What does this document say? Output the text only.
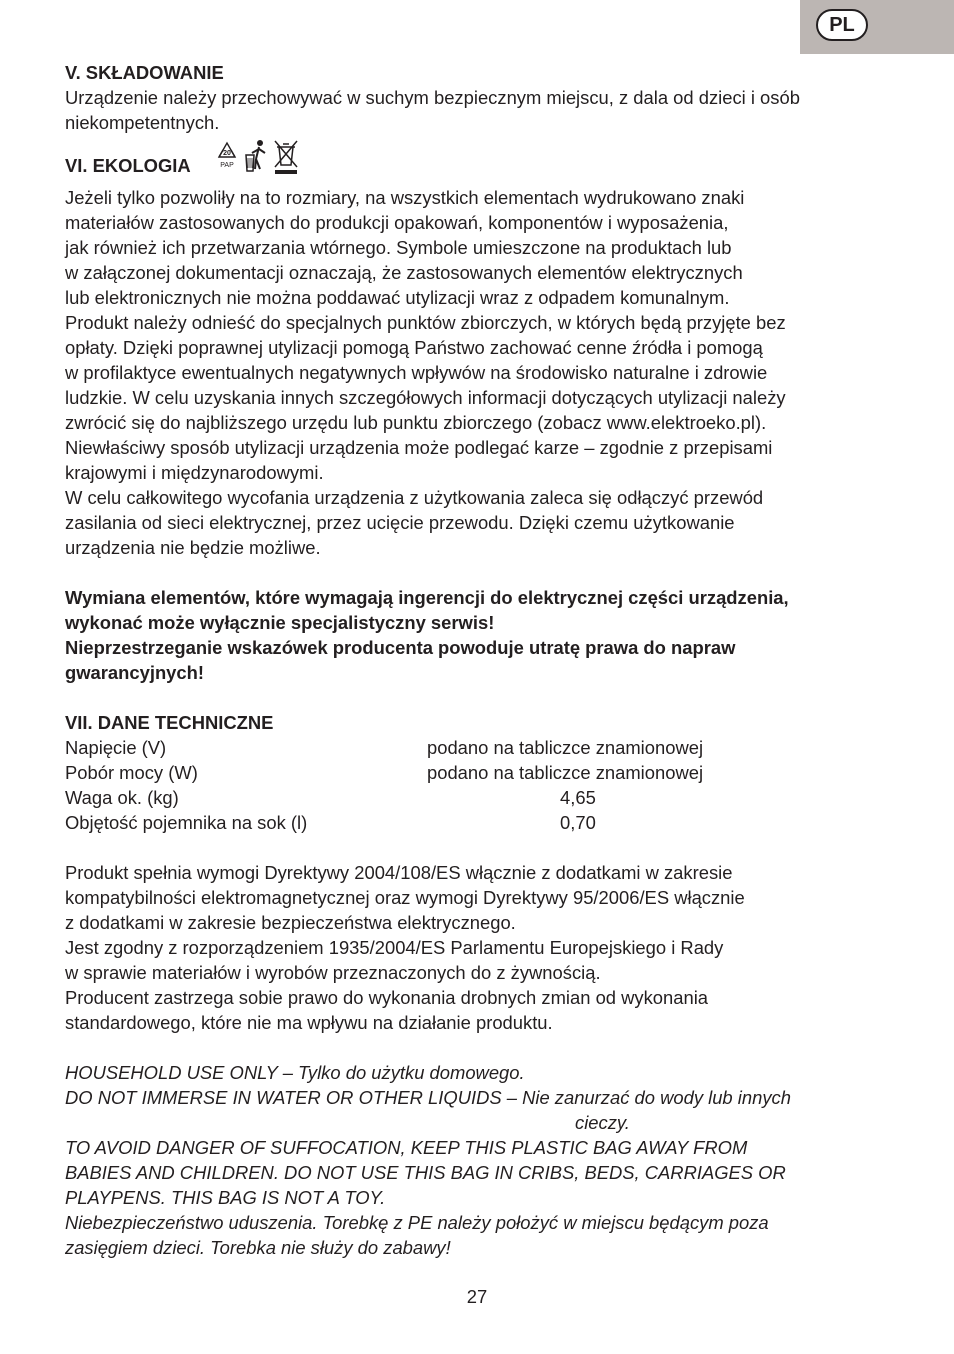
PL
V. SKŁADOWANIE
Urządzenie należy przechowywać w suchym bezpiecznym miejscu, z dala od dzieci i osób
niekompetentnych.
VI. EKOLOGIA
20
PAP
Jeżeli tylko pozwoliły na to rozmiary, na wszystkich elementach wydrukowano znaki
materiałów zastosowanych do produkcji opakowań, komponentów i wyposażenia,
jak również ich przetwarzania wtórnego. Symbole umieszczone na produktach lub
w załączonej dokumentacji oznaczają, że zastosowanych elementów elektrycznych
lub elektronicznych nie można poddawać utylizacji wraz z odpadem komunalnym.
Produkt należy odnieść do specjalnych punktów zbiorczych, w których będą przyjęte bez
opłaty. Dzięki poprawnej utylizacji pomogą Państwo zachować cenne źródła i pomogą
w profilaktyce ewentualnych negatywnych wpływów na środowisko naturalne i zdrowie
ludzkie. W celu uzyskania innych szczegółowych informacji dotyczących utylizacji należy
zwrócić się do najbliższego urzędu lub punktu zbiorczego (zobacz www.elektroeko.pl).
Niewłaściwy sposób utylizacji urządzenia może podlegać karze – zgodnie z przepisami
krajowymi i międzynarodowymi.
W celu całkowitego wycofania urządzenia z użytkowania zaleca się odłączyć przewód
zasilania od sieci elektrycznej, przez ucięcie przewodu. Dzięki czemu użytkowanie
urządzenia nie będzie możliwe.
Wymiana elementów, które wymagają ingerencji do elektrycznej części urządzenia,
wykonać może wyłącznie specjalistyczny serwis!
Nieprzestrzeganie wskazówek producenta powoduje utratę prawa do napraw
gwarancyjnych!
VII. DANE TECHNICZNE
Napięcie (V)	podano na tabliczce znamionowej
Pobór mocy (W)	podano na tabliczce znamionowej
Waga ok. (kg)	4,65
Objętość pojemnika na sok (l)	0,70
Produkt spełnia wymogi Dyrektywy 2004/108/ES włącznie z dodatkami w zakresie
kompatybilności elektromagnetycznej oraz wymogi Dyrektywy 95/2006/ES włącznie
z dodatkami w zakresie bezpieczeństwa elektrycznego.
Jest zgodny z rozporządzeniem 1935/2004/ES Parlamentu Europejskiego i Rady
w sprawie materiałów i wyrobów przeznaczonych do z żywnością.
Producent zastrzega sobie prawo do wykonania drobnych zmian od wykonania
standardowego, które nie ma wpływu na działanie produktu.
HOUSEHOLD USE ONLY – Tylko do użytku domowego.
DO NOT IMMERSE IN WATER OR OTHER LIQUIDS – Nie zanurzać do wody lub innych
cieczy.
TO AVOID DANGER OF SUFFOCATION, KEEP THIS PLASTIC BAG AWAY FROM
BABIES AND CHILDREN. DO NOT USE THIS BAG IN CRIBS, BEDS, CARRIAGES OR
PLAYPENS. THIS BAG IS NOT A TOY.
Niebezpieczeństwo uduszenia. Torebkę z PE należy położyć w miejscu będącym poza
zasięgiem dzieci. Torebka nie służy do zabawy!
27
